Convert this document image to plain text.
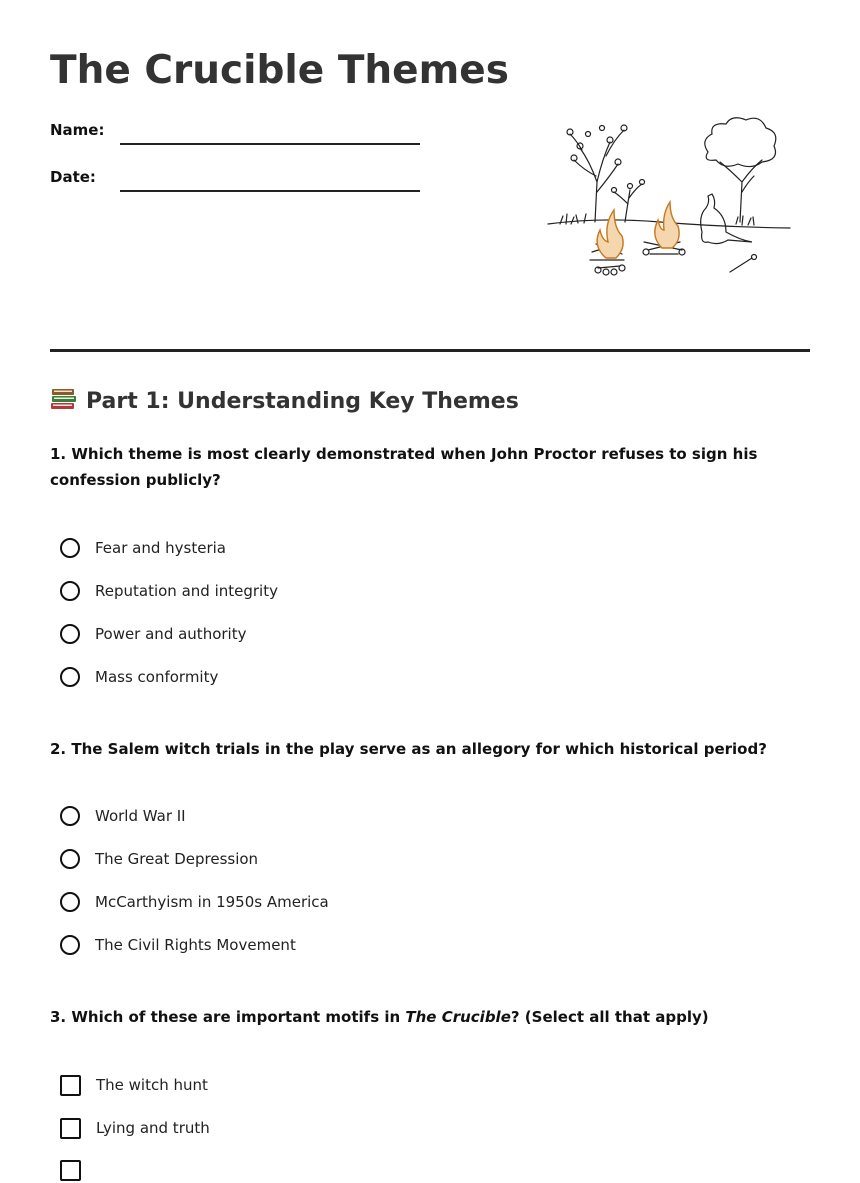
The Crucible Themes
Name:
Date:
Part 1: Understanding Key Themes

1. Which theme is most clearly demonstrated when John Proctor refuses to sign his confession publicly?

Fear and hysteria
Reputation and integrity
Power and authority
Mass conformity

2. The Salem witch trials in the play serve as an allegory for which historical period?

World War II
The Great Depression
McCarthyism in 1950s America
The Civil Rights Movement

3. Which of these are important motifs in The Crucible? (Select all that apply)

The witch hunt
Lying and truth
